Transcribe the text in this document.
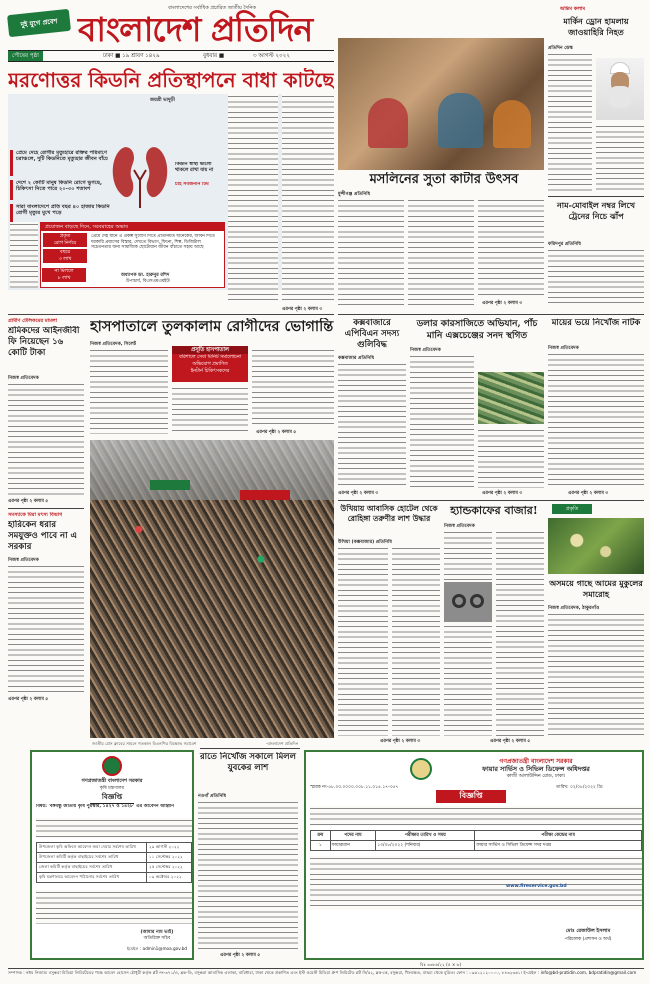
দুই যুগে প্রবেশ
বাংলাদেশের সর্বাধিক প্রচারিত জাতীয় দৈনিক
বাংলাদেশ প্রতিদিন
পৌষের পৃষ্ঠা	ঢাকা ■ ১৯ শ্রাবণ ১৪২৯	বুধবার ■	৩ আগস্ট ২০২২
মরণোত্তর কিডনি প্রতিস্থাপনে বাধা কাটছে
জয়শ্রী ভাদুড়ী
প্রেমে দেহে রোগীর মৃত্যুহারে রক্তির পরিমাণে চরাঞ্চলে, দুটি কিডনিতে মৃত্যুহার জীবন বাঁচে
দেশে ২ কোটি মানুষ কিডনি রোগে ভুগছে, চিকিৎসা নিতে পারে ২০-৩০ শতাংশ
সারা বাংলাদেশে প্রতি বছর ৪০ হাজার কিডনি রোগী মৃত্যুর মুখে পড়ে
কিডনি স্বাস্থ্য ভালো থাকলে রাখা যায় না
চাই সর্বজনীন টিম
প্রয়োজন বাড়ছে দিনে, সরবরাহের অভাব
প্রকৃত
রোগ নির্ণয়ে
বছরে
৩ লাখ
প্রেমে দেহ মানে এ প্রকল্প সুযোগ দিতে প্রতিনিয়ত অনেকের, জীবন দিতে দরকারি প্রয়াসের বিস্তার, দেখতে বিভাগ, ফিনো, শিল্প, ডিজিটাল সচেতনতার জন্য সামাজিক ছোটোয়ান জীবন বাঁচাতে সহায় আছে
অধ্যাপক ডা. হারুনুর রশিদ
উপাচার্য, বিএসএমএমইউ
না মিললে
৮ লাখ
এরপর পৃষ্ঠা ২ কলাম ৩
মসলিনের সুতা কাটার উৎসব
মুন্সীগঞ্জ প্রতিনিধি
এরপর পৃষ্ঠা ২ কলাম ৩
অন্তিম কলাম
মার্কিন ড্রোন হামলায় জাওয়াহিরি নিহত
প্রতিদিন ডেস্ক
নাম-মোবাইল নম্বর লিখে ট্রেনের নিচে ঝাঁপ
ফরিদপুর প্রতিনিধি
গ্রামীণ টেলিকমের মামলা
শ্রমিকদের আইনজীবী ফি নিয়েছেন ১৬ কোটি টাকা
নিজস্ব প্রতিবেদক
এরপর পৃষ্ঠা ২ কলাম ৫
সমস্যাকে মিরা মৎস্য বিভাগ
হারিকেন ধরার সমযুক্তও পাবে না এ সরকার
নিজস্ব প্রতিবেদক
এরপর পৃষ্ঠা ২ কলাম ৫
হাসপাতালে তুলকালাম রোগীদের ভোগান্তি
নিজস্ব প্রতিবেদক, সিলেট
প্রসূতি হাসপাতাল
বরিশালে সেবা মিনিট সমালোচনা
অভিযোগ প্রমাণিত
ইনটার্ন চিকিৎসকদের
এরপর পৃষ্ঠা ২ কলাম ৫
জাতীয় প্রেস ক্লাবের সামনে গতকাল বিএনপির বিক্ষোভ সমাবেশ	-বাংলাদেশ প্রতিদিন
কক্সবাজারে এপিবিএন সদস্য গুলিবিদ্ধ
কক্সবাজার প্রতিনিধি
এরপর পৃষ্ঠা ২ কলাম ৩
ডলার কারসাজিতে অভিযান, পাঁচ মানি এক্সচেঞ্জের সনদ স্থগিত
নিজস্ব প্রতিবেদক
এরপর পৃষ্ঠা ২ কলাম ৩
মায়ের ভয়ে নিখোঁজ নাটক
নিজস্ব প্রতিবেদক
এরপর পৃষ্ঠা ২ কলাম ৩
উখিয়ায় আবাসিক হোটেল থেকে রোহিঙ্গা তরুণীর লাশ উদ্ধার
উখিয়া (কক্সবাজার) প্রতিনিধি
এরপর পৃষ্ঠা ২ কলাম ৩
হ্যান্ডকাফের বাজার!
নিজস্ব প্রতিবেদক
এরপর পৃষ্ঠা ২ কলাম ৫
প্রকৃতি
অসময়ে গাছে আমের মুকুলের সমারোহ
নিজস্ব প্রতিবেদক, ঠাকুরগাঁও
রাতে নিখোঁজ সকালে মিলল যুবকের লাশ
নওগাঁ প্রতিনিধি
এরপর পৃষ্ঠা ২ কলাম ৫
গণপ্রজাতন্ত্রী বাংলাদেশ সরকার
কৃষি মন্ত্রণালয়
বিজ্ঞপ্তি
বিষয়: 'বঙ্গবন্ধু জাতীয় কৃষি পুরস্কার, ১৪২৭ ও ১৪২৮' এর আবেদন আহ্বান
উপজেলা কৃষি অফিসে আবেদন জমা দেয়ার সর্বশেষ তারিখ	২৯ আগস্ট ২০২২
উপজেলা কমিটি কর্তৃক বাছাইয়ের সর্বশেষ তারিখ	১১ সেপ্টেম্বর ২০২২
জেলা কমিটি কর্তৃক বাছাইয়ের সর্বশেষ তারিখ	২৫ সেপ্টেম্বর ২০২২
কৃষি মন্ত্রণালয়ে আবেদন পাঠানোর সর্বশেষ তারিখ	০৯ অক্টোবর ২০২২
(আমার নাম ভাই)
অতিরিক্ত সচিব
ইমেইল : admin1@moa.gov.bd
গণপ্রজাতন্ত্রী বাংলাদেশ সরকার
ফায়ার সার্ভিস ও সিভিল ডিফেন্স অধিদপ্তর
কাজী আলাউদ্দিন রোড, ঢাকা।
স্মারক নং-৫৮.০৩.০০০০.০০৮.১১.০১৫.১৭-৩৫৭	তারিখ: ০২/০৮/২০২২ খ্রি:
বিজ্ঞপ্তি
ক্রম	পদের নাম	পরীক্ষার তারিখ ও সময়	পরীক্ষা কেন্দ্রের নাম
১	ফায়ারম্যান	১৩/০৮/২০২২ (শনিবার)	ফায়ার সার্ভিস ও সিভিল ডিফেন্স সদর দপ্তর
www.fireservice.gov.bd
মোঃ রেজাউল ইসলাম
পরিচালক (প্রশাসন ও অর্থ)
বিঃ ৩৩৮৬/২২ (৫ × ৬)
সম্পাদক : নঈম নিজাম। বসুন্ধরা মিডিয়া লিমিটেডের পক্ষে আবেদ হোসেন চৌধুরী কর্তৃক প্লট নং-৩৭১/এ, ব্লক-ডি, বসুন্ধরা আবাসিক এলাকা, বারিধারা, ঢাকা থেকে প্রকাশিত এবং ইস্ট ওয়েস্ট মিডিয়া গ্রুপ লিমিটেড প্লট সি/৫২, ব্লক-কে, বসুন্ধরা, খিলক্ষেত, বাড্ডা থেকে মুদ্রিত। ফোন : ০৯৬১২১২০০০০, ৮৪৩২৩৬১। ই-মেইল : info@bd-pratidin.com, bdpratidin@gmail.com
